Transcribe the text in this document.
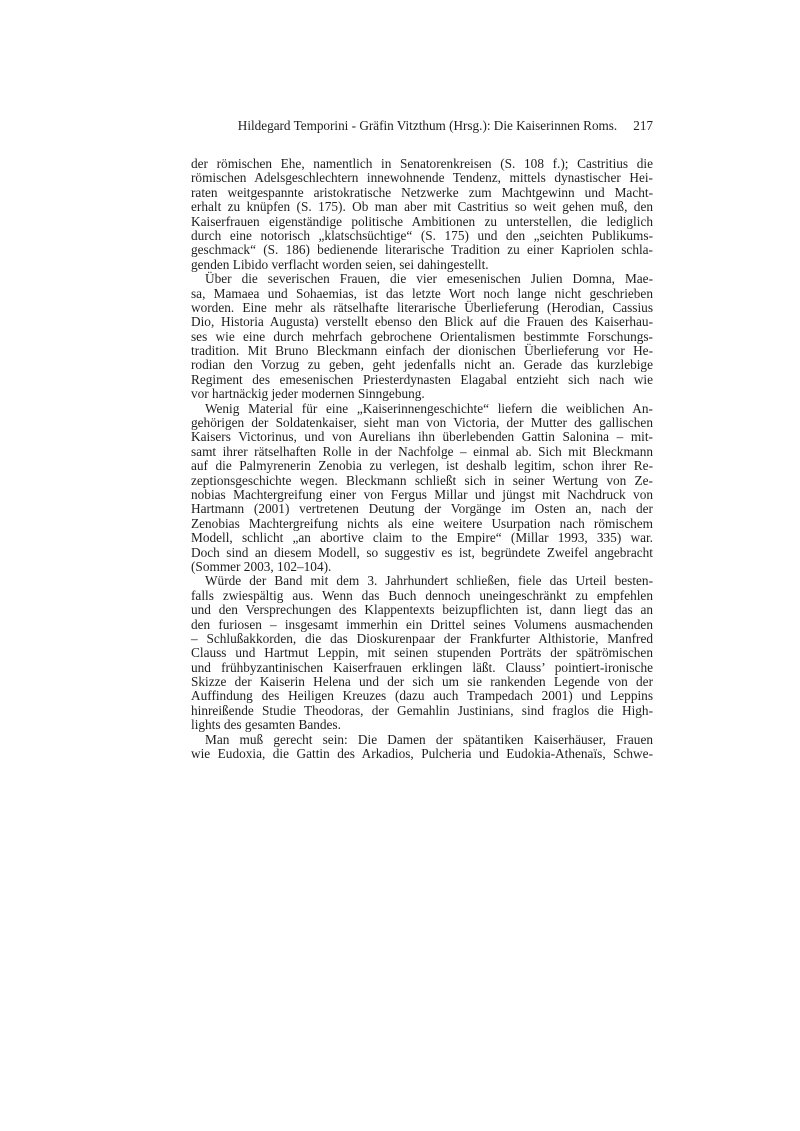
Hildegard Temporini - Gräfin Vitzthum (Hrsg.): Die Kaiserinnen Roms. 217
der römischen Ehe, namentlich in Senatorenkreisen (S. 108 f.); Castritius die
römischen Adelsgeschlechtern innewohnende Tendenz, mittels dynastischer Hei-
raten weitgespannte aristokratische Netzwerke zum Machtgewinn und Macht-
erhalt zu knüpfen (S. 175). Ob man aber mit Castritius so weit gehen muß, den
Kaiserfrauen eigenständige politische Ambitionen zu unterstellen, die lediglich
durch eine notorisch „klatschsüchtige“ (S. 175) und den „seichten Publikums-
geschmack“ (S. 186) bedienende literarische Tradition zu einer Kapriolen schla-
genden Libido verflacht worden seien, sei dahingestellt.
Über die severischen Frauen, die vier emesenischen Julien Domna, Mae-
sa, Mamaea und Sohaemias, ist das letzte Wort noch lange nicht geschrieben
worden. Eine mehr als rätselhafte literarische Überlieferung (Herodian, Cassius
Dio, Historia Augusta) verstellt ebenso den Blick auf die Frauen des Kaiserhau-
ses wie eine durch mehrfach gebrochene Orientalismen bestimmte Forschungs-
tradition. Mit Bruno Bleckmann einfach der dionischen Überlieferung vor He-
rodian den Vorzug zu geben, geht jedenfalls nicht an. Gerade das kurzlebige
Regiment des emesenischen Priesterdynasten Elagabal entzieht sich nach wie
vor hartnäckig jeder modernen Sinngebung.
Wenig Material für eine „Kaiserinnengeschichte“ liefern die weiblichen An-
gehörigen der Soldatenkaiser, sieht man von Victoria, der Mutter des gallischen
Kaisers Victorinus, und von Aurelians ihn überlebenden Gattin Salonina – mit-
samt ihrer rätselhaften Rolle in der Nachfolge – einmal ab. Sich mit Bleckmann
auf die Palmyrenerin Zenobia zu verlegen, ist deshalb legitim, schon ihrer Re-
zeptionsgeschichte wegen. Bleckmann schließt sich in seiner Wertung von Ze-
nobias Machtergreifung einer von Fergus Millar und jüngst mit Nachdruck von
Hartmann (2001) vertretenen Deutung der Vorgänge im Osten an, nach der
Zenobias Machtergreifung nichts als eine weitere Usurpation nach römischem
Modell, schlicht „an abortive claim to the Empire“ (Millar 1993, 335) war.
Doch sind an diesem Modell, so suggestiv es ist, begründete Zweifel angebracht
(Sommer 2003, 102–104).
Würde der Band mit dem 3. Jahrhundert schließen, fiele das Urteil besten-
falls zwiespältig aus. Wenn das Buch dennoch uneingeschränkt zu empfehlen
und den Versprechungen des Klappentexts beizupflichten ist, dann liegt das an
den furiosen – insgesamt immerhin ein Drittel seines Volumens ausmachenden
– Schlußakkorden, die das Dioskurenpaar der Frankfurter Althistorie, Manfred
Clauss und Hartmut Leppin, mit seinen stupenden Porträts der spätrömischen
und frühbyzantinischen Kaiserfrauen erklingen läßt. Clauss’ pointiert-ironische
Skizze der Kaiserin Helena und der sich um sie rankenden Legende von der
Auffindung des Heiligen Kreuzes (dazu auch Trampedach 2001) und Leppins
hinreißende Studie Theodoras, der Gemahlin Justinians, sind fraglos die High-
lights des gesamten Bandes.
Man muß gerecht sein: Die Damen der spätantiken Kaiserhäuser, Frauen
wie Eudoxia, die Gattin des Arkadios, Pulcheria und Eudokia-Athenaïs, Schwe-
